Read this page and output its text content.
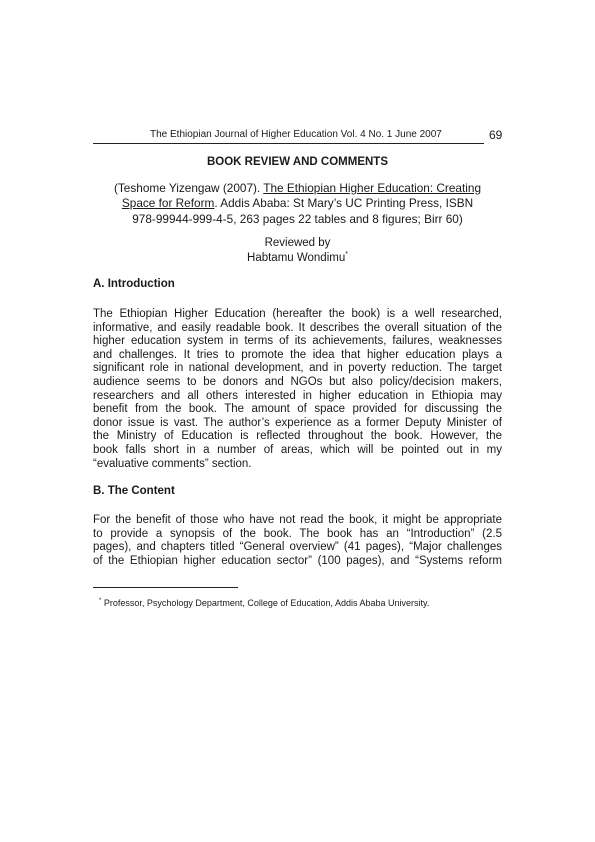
The Ethiopian Journal of Higher Education Vol. 4 No. 1 June 2007	69
BOOK REVIEW AND COMMENTS
(Teshome Yizengaw (2007). The Ethiopian Higher Education: Creating
Space for Reform. Addis Ababa: St Mary’s UC Printing Press, ISBN
978-99944-999-4-5, 263 pages 22 tables and 8 figures; Birr 60)
Reviewed by
Habtamu Wondimu*
A. Introduction
The Ethiopian Higher Education (hereafter the book) is a well researched,
informative, and easily readable book. It describes the overall situation of the
higher education system in terms of its achievements, failures, weaknesses
and challenges. It tries to promote the idea that higher education plays a
significant role in national development, and in poverty reduction. The target
audience seems to be donors and NGOs but also policy/decision makers,
researchers and all others interested in higher education in Ethiopia may
benefit from the book. The amount of space provided for discussing the
donor issue is vast. The author’s experience as a former Deputy Minister of
the Ministry of Education is reflected throughout the book. However, the
book falls short in a number of areas, which will be pointed out in my
“evaluative comments” section.
B. The Content
For the benefit of those who have not read the book, it might be appropriate
to provide a synopsis of the book. The book has an “Introduction” (2.5
pages), and chapters titled “General overview” (41 pages), “Major challenges
of the Ethiopian higher education sector” (100 pages), and “Systems reform
* Professor, Psychology Department, College of Education, Addis Ababa University.
